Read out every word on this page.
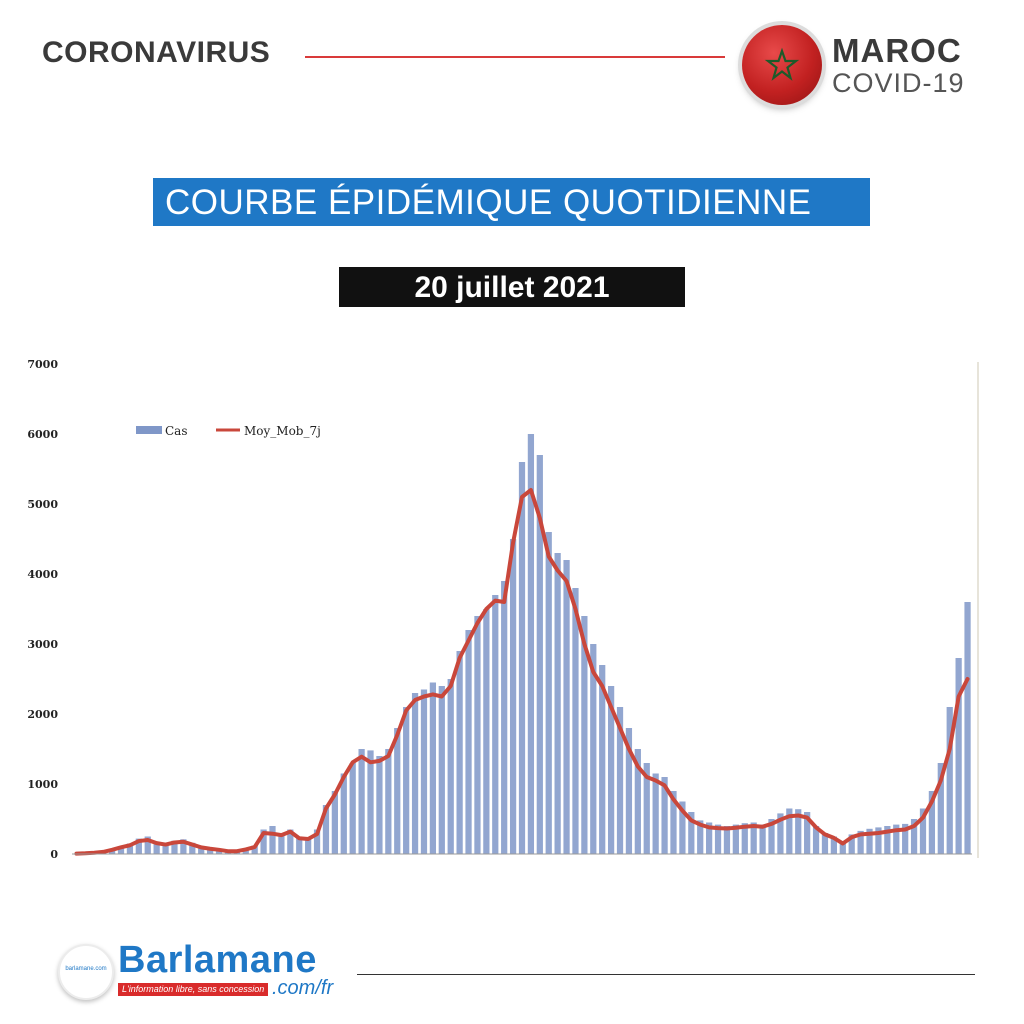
CORONAVIRUS	MAROC
COVID-19
COURBE ÉPIDÉMIQUE QUOTIDIENNE
20 juillet 2021
0
1000
2000
3000
4000
5000
6000
7000
Cas	Moy_Mob_7j
barlamane.com Barlamane
L'information libre, sans concession .com/fr
